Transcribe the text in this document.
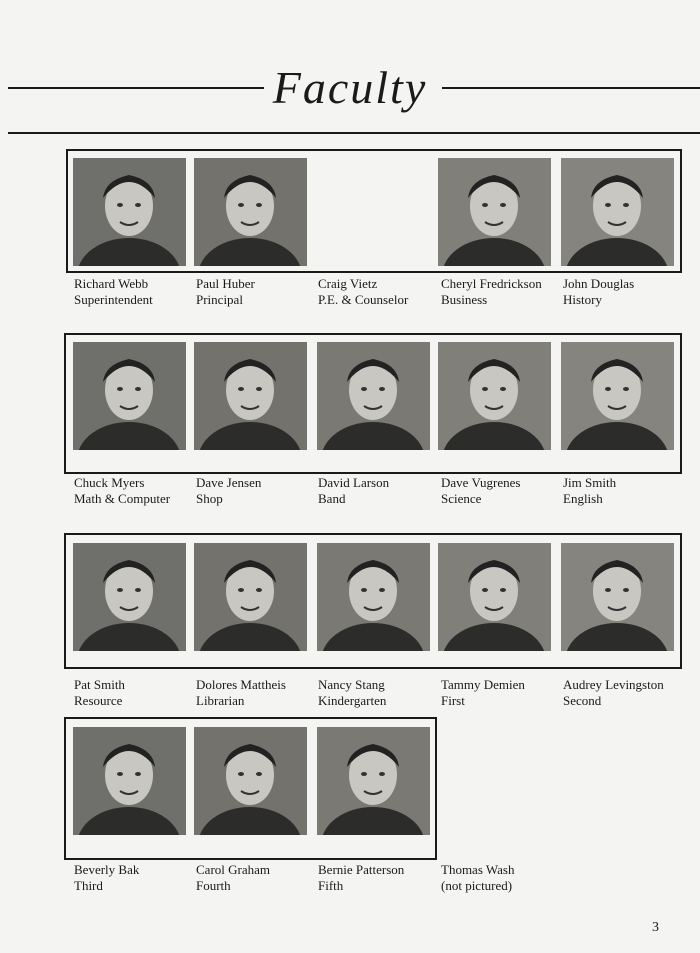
Faculty
Richard Webb
Superintendent
Paul Huber
Principal
Craig Vietz
P.E. & Counselor
Cheryl Fredrickson
Business
John Douglas
History
Chuck Myers
Math & Computer
Dave Jensen
Shop
David Larson
Band
Dave Vugrenes
Science
Jim Smith
English
Pat Smith
Resource
Dolores Mattheis
Librarian
Nancy Stang
Kindergarten
Tammy Demien
First
Audrey Levingston
Second
Beverly Bak
Third
Carol Graham
Fourth
Bernie Patterson
Fifth
Thomas Wash
(not pictured)
3
